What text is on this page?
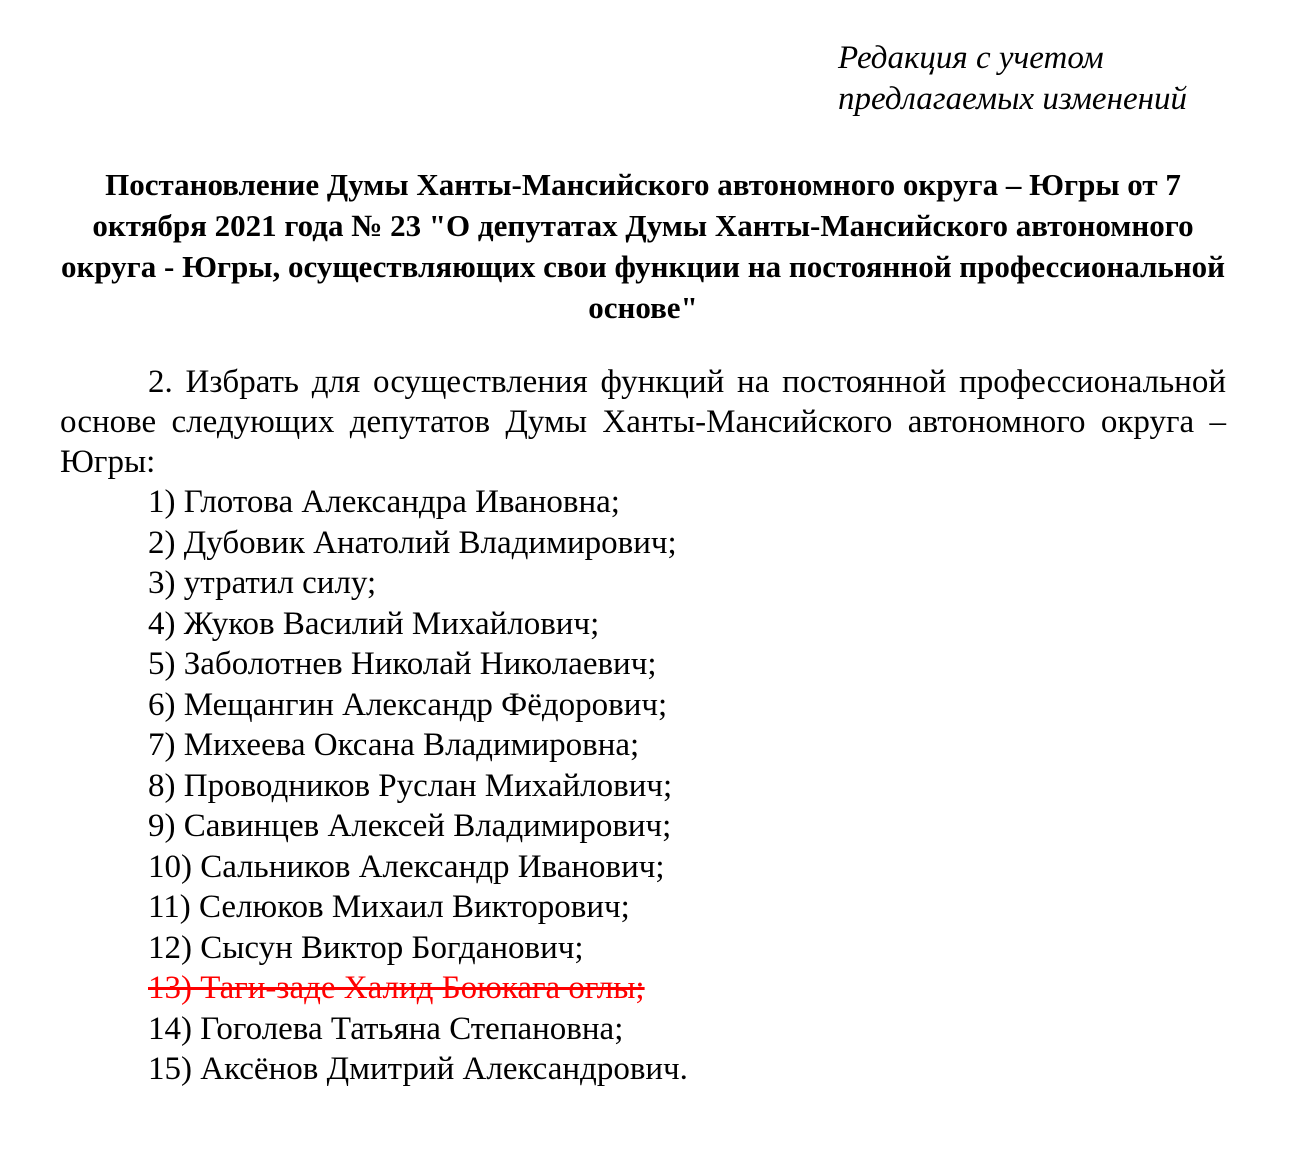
Редакция с учетом
предлагаемых изменений
Постановление Думы Ханты-Мансийского автономного округа – Югры от 7 октября 2021 года № 23 "О депутатах Думы Ханты-Мансийского автономного округа - Югры, осуществляющих свои функции на постоянной профессиональной основе"
2. Избрать для осуществления функций на постоянной профессиональной основе следующих депутатов Думы Ханты-Мансийского автономного округа – Югры:
1) Глотова Александра Ивановна;
2) Дубовик Анатолий Владимирович;
3) утратил силу;
4) Жуков Василий Михайлович;
5) Заболотнев Николай Николаевич;
6) Мещангин Александр Фёдорович;
7) Михеева Оксана Владимировна;
8) Проводников Руслан Михайлович;
9) Савинцев Алексей Владимирович;
10) Сальников Александр Иванович;
11) Селюков Михаил Викторович;
12) Сысун Виктор Богданович;
13) Таги-заде Халид Боюкага оглы;
14) Гоголева Татьяна Степановна;
15) Аксёнов Дмитрий Александрович.
